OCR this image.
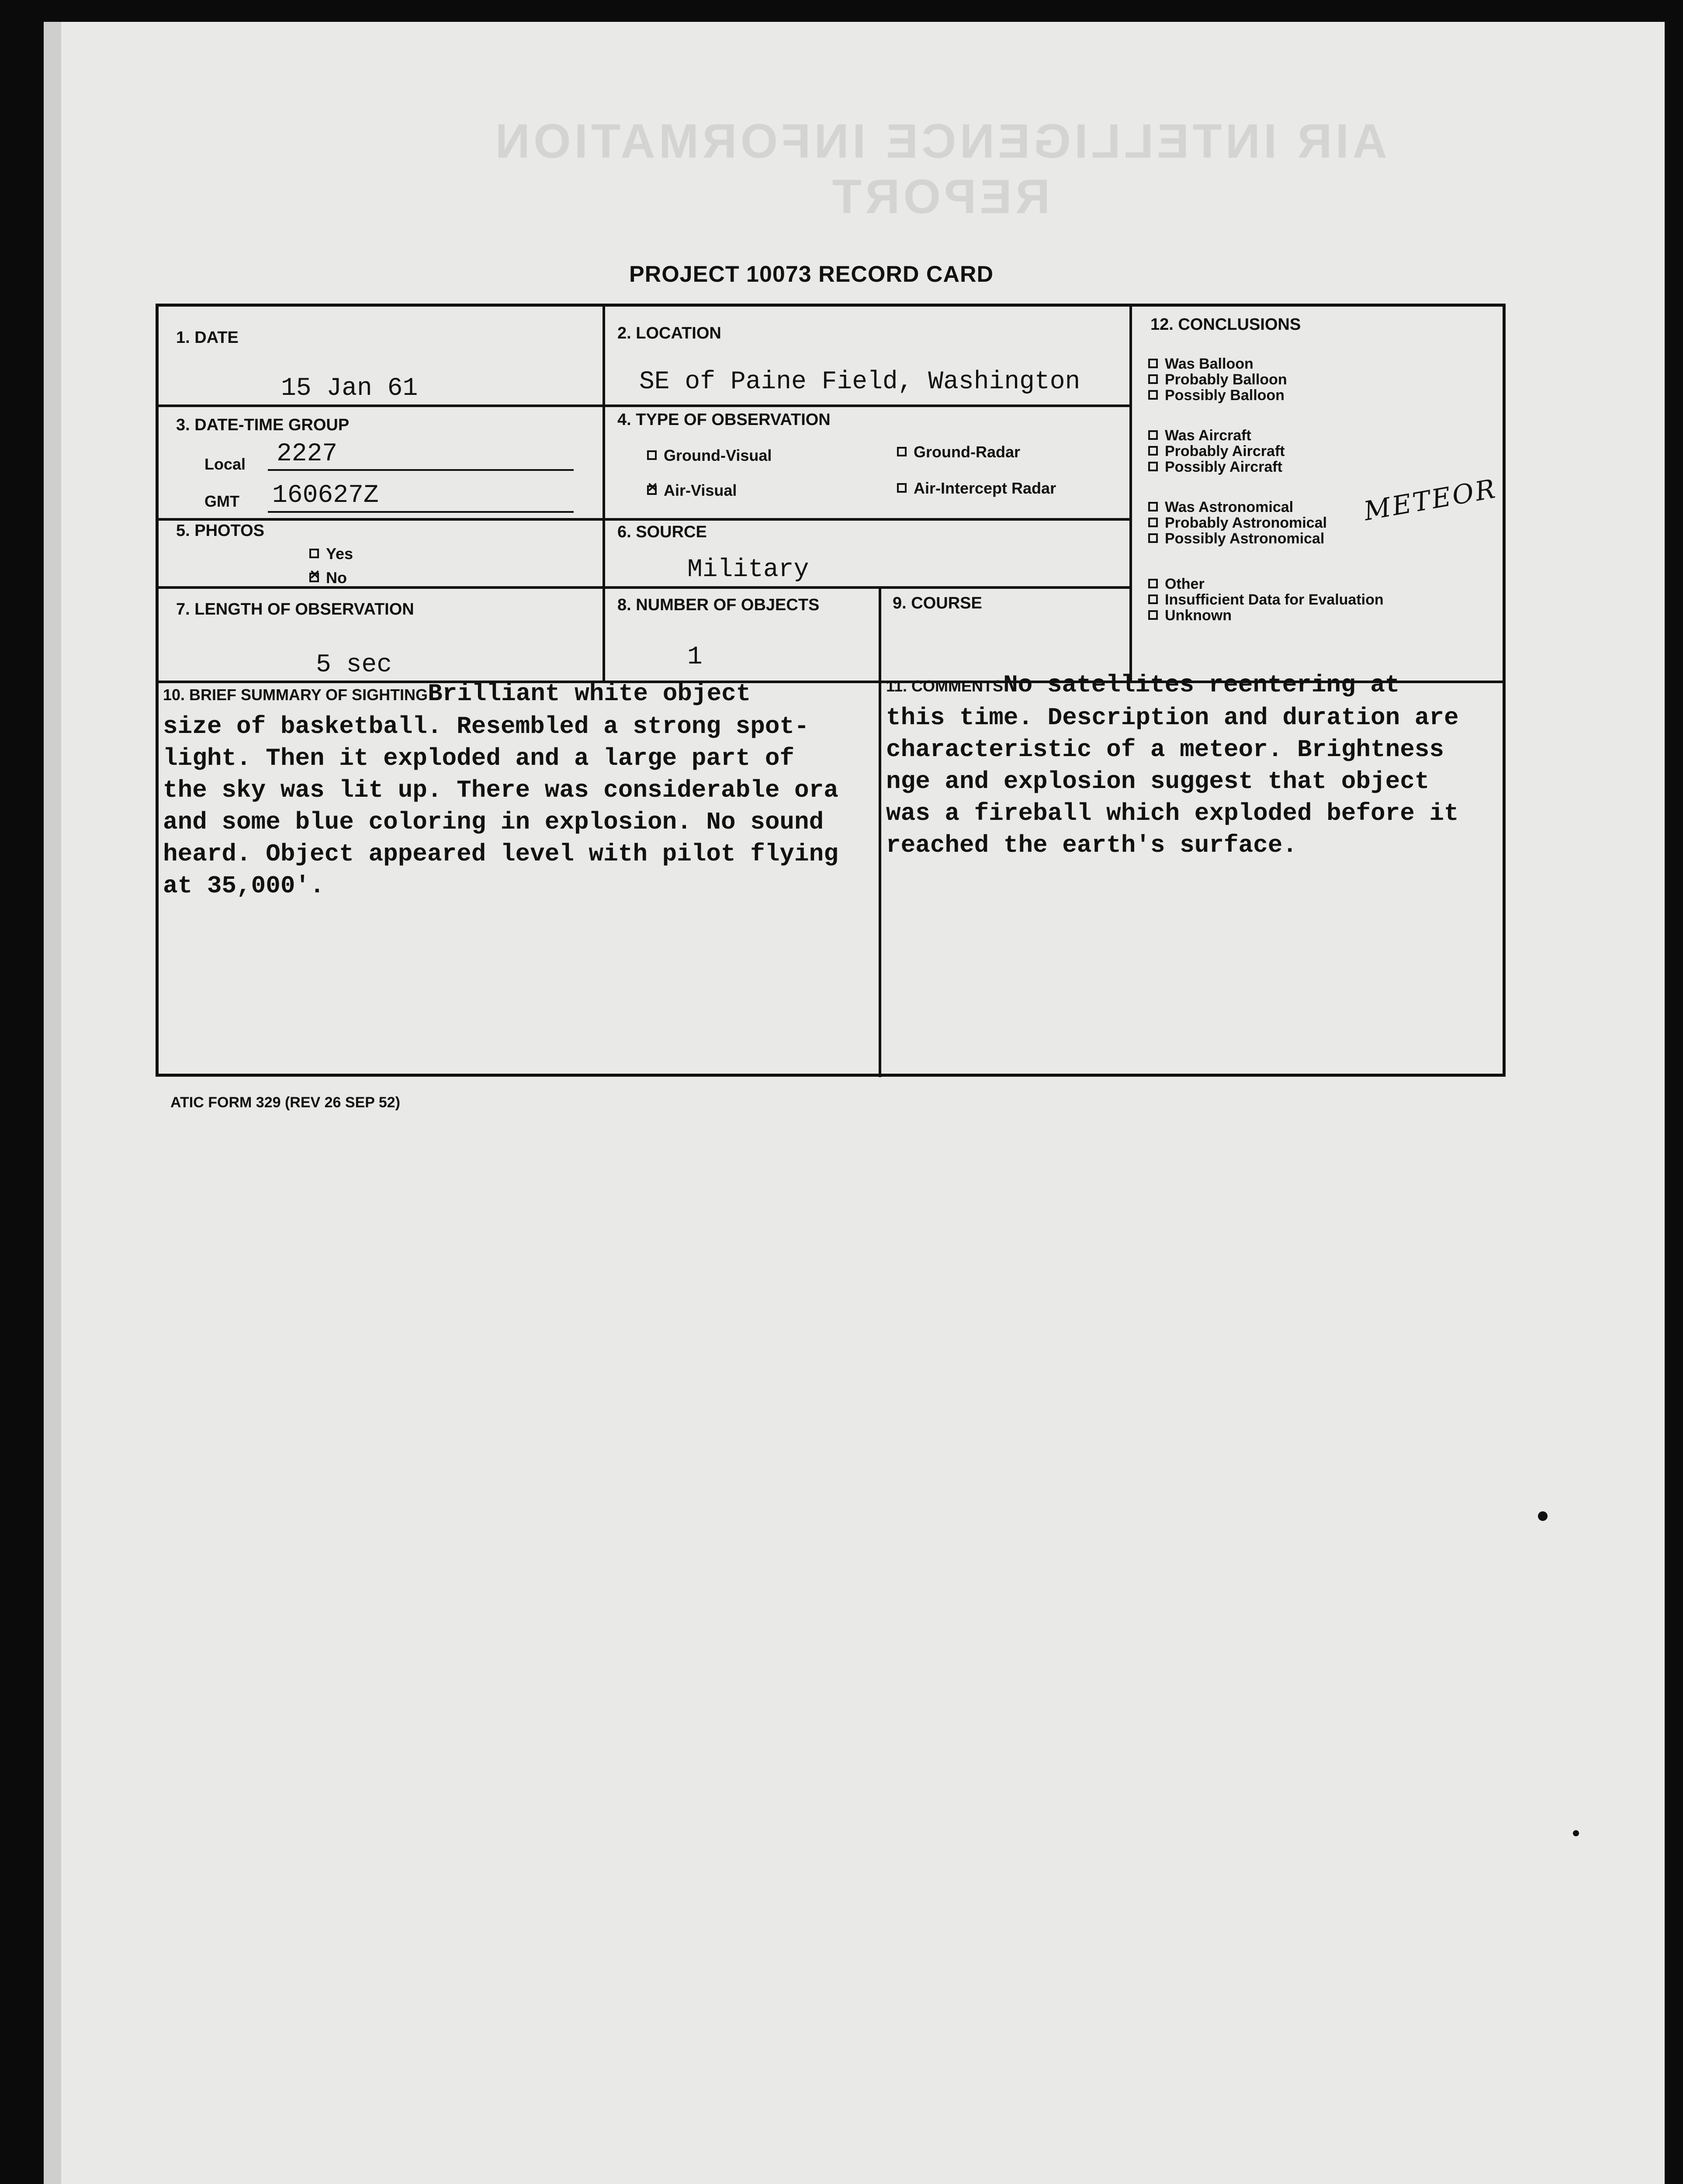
AIR INTELLIGENCE INFORMATION REPORT
PROJECT 10073 RECORD CARD
1. DATE
15 Jan 61
2. LOCATION
SE of Paine Field, Washington
3. DATE-TIME GROUP
Local 2227
GMT 160627Z
4. TYPE OF OBSERVATION
Ground-Visual
✕Air-Visual
Ground-Radar
Air-Intercept Radar
5. PHOTOS
Yes
✕No
6. SOURCE
Military
7. LENGTH OF OBSERVATION
5 sec
8. NUMBER OF OBJECTS
1
9. COURSE
12. CONCLUSIONS
10. BRIEF SUMMARY OF SIGHTINGBrilliant white object
size of basketball. Resembled a strong spot-
light. Then it exploded and a large part of
the sky was lit up. There was considerable ora
and some blue coloring in explosion. No sound
heard. Object appeared level with pilot flying
at 35,000'.
11. COMMENTSNo satellites reentering at
this time. Description and duration are
characteristic of a meteor. Brightness
nge and explosion suggest that object
was a fireball which exploded before it
reached the earth's surface.
Was Balloon
Probably Balloon
Possibly Balloon
Was Aircraft
Probably Aircraft
Possibly Aircraft
Was Astronomical
Probably Astronomical
Possibly Astronomical
Other
Insufficient Data for Evaluation
Unknown
METEOR
ATIC FORM 329 (REV 26 SEP 52)
